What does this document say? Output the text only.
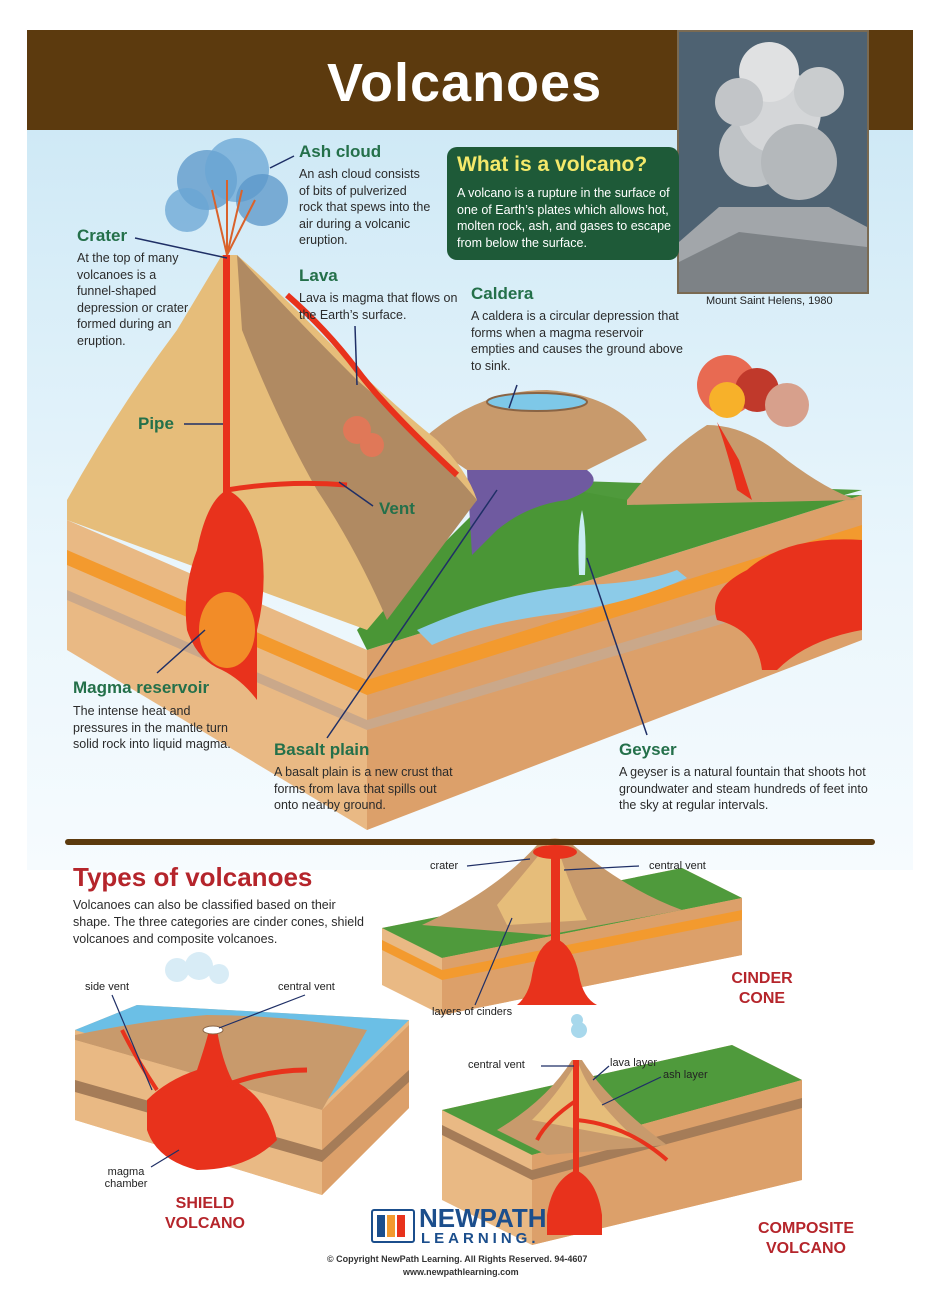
Volcanoes
Mount Saint Helens, 1980
What is a volcano?
A volcano is a rupture in the surface of one of Earth’s plates which allows hot, molten rock, ash, and gases to escape from below the surface.
Ash cloud
An ash cloud consists of bits of pulverized rock that spews into the air during a volcanic eruption.
Crater
At the top of many volcanoes is a funnel-shaped depression or crater formed during an eruption.
Lava
Lava is magma that flows on the Earth’s surface.
Caldera
A caldera is a circular depression that forms when a magma reservoir empties and causes the ground above to sink.
Pipe
Vent
Magma reservoir
The intense heat and pressures in the mantle turn solid rock into liquid magma.	Basalt plain
A basalt plain is a new crust that forms from lava that spills out onto nearby ground.
Geyser
A geyser is a natural fountain that shoots hot groundwater and steam hundreds of feet into the sky at regular intervals.
Types of volcanoes
Volcanoes can also be classified based on their shape. The three categories are cinder cones, shield volcanoes and composite volcanoes.
crater	central vent
layers of cinders
CINDER
CONE
side vent	central vent
magma
chamber
SHIELD
VOLCANO
central vent	lava layer
ash layer
COMPOSITE
VOLCANO
NEWPATH
LEARNING.
© Copyright NewPath Learning. All Rights Reserved. 94-4607
www.newpathlearning.com
